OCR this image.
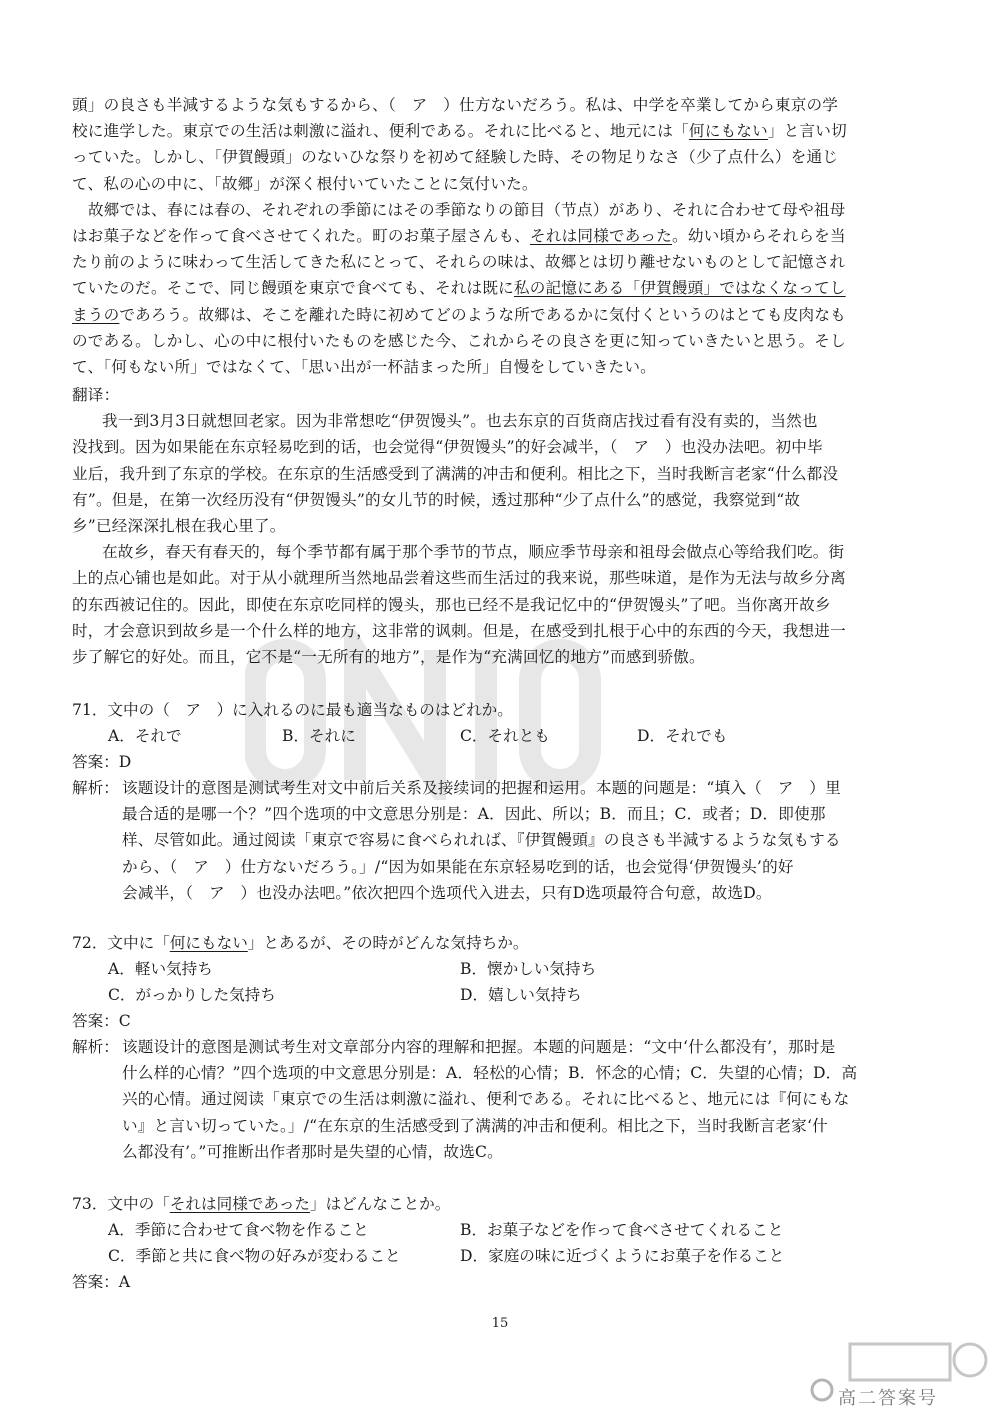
頭」の良さも半減するような気もするから、（　ア　）仕方ないだろう。私は、中学を卒業してから東京の学
校に進学した。東京での生活は刺激に溢れ、便利である。それに比べると、地元には「何にもない」と言い切
っていた。しかし、「伊賀饅頭」のないひな祭りを初めて経験した時、その物足りなさ（少了点什么）を通じ
て、私の心の中に、「故郷」が深く根付いていたことに気付いた。
故郷では、春には春の、それぞれの季節にはその季節なりの節目（节点）があり、それに合わせて母や祖母
はお菓子などを作って食べさせてくれた。町のお菓子屋さんも、それは同様であった。幼い頃からそれらを当
たり前のように味わって生活してきた私にとって、それらの味は、故郷とは切り離せないものとして記憶され
ていたのだ。そこで、同じ饅頭を東京で食べても、それは既に私の記憶にある「伊賀饅頭」ではなくなってし
まうのであろう。故郷は、そこを離れた時に初めてどのような所であるかに気付くというのはとても皮肉なも
のである。しかし、心の中に根付いたものを感じた今、これからその良さを更に知っていきたいと思う。そし
て、「何もない所」ではなくて、「思い出が一杯詰まった所」自慢をしていきたい。
翻译：
我一到3月3日就想回老家。因为非常想吃“伊贺馒头”。也去东京的百货商店找过看有没有卖的，当然也
没找到。因为如果能在东京轻易吃到的话，也会觉得“伊贺馒头”的好会减半，（　ア　）也没办法吧。初中毕
业后，我升到了东京的学校。在东京的生活感受到了满满的冲击和便利。相比之下，当时我断言老家“什么都没
有”。但是，在第一次经历没有“伊贺馒头”的女儿节的时候，透过那种“少了点什么”的感觉，我察觉到“故
乡”已经深深扎根在我心里了。
在故乡，春天有春天的，每个季节都有属于那个季节的节点，顺应季节母亲和祖母会做点心等给我们吃。街
上的点心铺也是如此。对于从小就理所当然地品尝着这些而生活过的我来说，那些味道，是作为无法与故乡分离
的东西被记住的。因此，即使在东京吃同样的馒头，那也已经不是我记忆中的“伊贺馒头”了吧。当你离开故乡
时，才会意识到故乡是一个什么样的地方，这非常的讽刺。但是，在感受到扎根于心中的东西的今天，我想进一
步了解它的好处。而且，它不是“一无所有的地方”，是作为“充满回忆的地方”而感到骄傲。
71．文中の（　ア　）に入れるのに最も適当なものはどれか。
A．それで	B．それに	C．それとも	D．それでも
答案：D
解析： 该题设计的意图是测试考生对文中前后关系及接续词的把握和运用。本题的问题是：“填入（　ア　）里
最合适的是哪一个？”四个选项的中文意思分别是：A．因此、所以；B．而且；C．或者；D．即使那
样、尽管如此。通过阅读「東京で容易に食べられれば、『伊賀饅頭』の良さも半減するような気もする
から、（　ア　）仕方ないだろう。」/“因为如果能在东京轻易吃到的话，也会觉得‘伊贺馒头’的好
会减半，（　ア　）也没办法吧。”依次把四个选项代入进去，只有D选项最符合句意，故选D。
72．文中に「何にもない」とあるが、その時がどんな気持ちか。
A．軽い気持ち	B．懐かしい気持ち
C．がっかりした気持ち	D．嬉しい気持ち
答案：C
解析： 该题设计的意图是测试考生对文章部分内容的理解和把握。本题的问题是：“文中‘什么都没有’，那时是
什么样的心情？”四个选项的中文意思分别是：A．轻松的心情；B．怀念的心情；C．失望的心情；D．高
兴的心情。通过阅读「東京での生活は刺激に溢れ、便利である。それに比べると、地元には『何にもな
い』と言い切っていた。」/“在东京的生活感受到了满满的冲击和便利。相比之下，当时我断言老家‘什
么都没有’。”可推断出作者那时是失望的心情，故选C。
73．文中の「それは同様であった」はどんなことか。
A．季節に合わせて食べ物を作ること	B．お菓子などを作って食べさせてくれること
C．季節と共に食べ物の好みが変わること	D．家庭の味に近づくようにお菓子を作ること
答案：A
15
高二答案号
